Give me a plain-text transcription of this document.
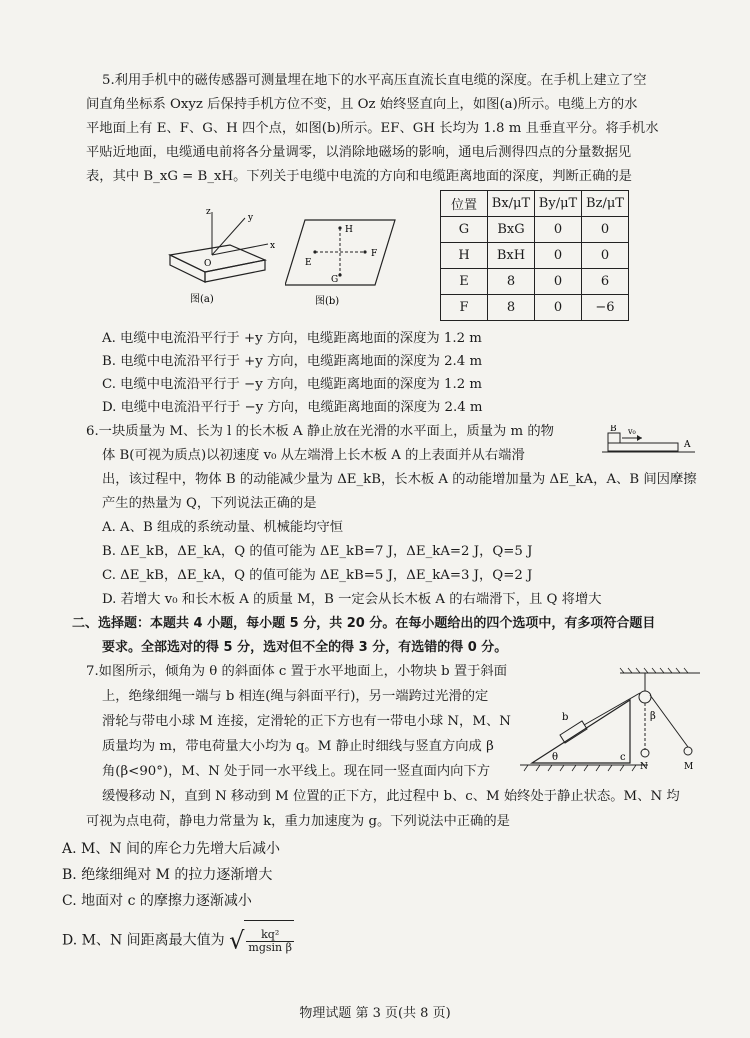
5.利用手机中的磁传感器可测量埋在地下的水平高压直流长直电缆的深度。在手机上建立了空
间直角坐标系 Oxyz 后保持手机方位不变，且 Oz 始终竖直向上，如图(a)所示。电缆上方的水
平地面上有 E、F、G、H 四个点，如图(b)所示。EF、GH 长均为 1.8 m 且垂直平分。将手机水
平贴近地面，电缆通电前将各分量调零，以消除地磁场的影响，通电后测得四点的分量数据见
表，其中 B_xG = B_xH。下列关于电缆中电流的方向和电缆距离地面的深度，判断正确的是
z
y
x
O
图(a)
H
E
F
G
图(b)
位置	Bx/μT	By/μT	Bz/μT
G	BxG	0	0
H	BxH	0	0
E	8	0	6
F	8	0	−6
A. 电缆中电流沿平行于 +y 方向，电缆距离地面的深度为 1.2 m
B. 电缆中电流沿平行于 +y 方向，电缆距离地面的深度为 2.4 m
C. 电缆中电流沿平行于 −y 方向，电缆距离地面的深度为 1.2 m
D. 电缆中电流沿平行于 −y 方向，电缆距离地面的深度为 2.4 m
6.一块质量为 M、长为 l 的长木板 A 静止放在光滑的水平面上，质量为 m 的物
体 B(可视为质点)以初速度 v₀ 从左端滑上长木板 A 的上表面并从右端滑
出，该过程中，物体 B 的动能减少量为 ΔE_kB，长木板 A 的动能增加量为 ΔE_kA，A、B 间因摩擦
产生的热量为 Q，下列说法正确的是
B v₀
A
A. A、B 组成的系统动量、机械能均守恒
B. ΔE_kB，ΔE_kA，Q 的值可能为 ΔE_kB=7 J，ΔE_kA=2 J，Q=5 J
C. ΔE_kB，ΔE_kA，Q 的值可能为 ΔE_kB=5 J，ΔE_kA=3 J，Q=2 J
D. 若增大 v₀ 和长木板 A 的质量 M，B 一定会从长木板 A 的右端滑下，且 Q 将增大
二、选择题：本题共 4 小题，每小题 5 分，共 20 分。在每小题给出的四个选项中，有多项符合题目
要求。全部选对的得 5 分，选对但不全的得 3 分，有选错的得 0 分。
7.如图所示，倾角为 θ 的斜面体 c 置于水平地面上，小物块 b 置于斜面
上，绝缘细绳一端与 b 相连(绳与斜面平行)，另一端跨过光滑的定
滑轮与带电小球 M 连接，定滑轮的正下方也有一带电小球 N，M、N
质量均为 m，带电荷量大小均为 q。M 静止时细线与竖直方向成 β
角(β<90°)，M、N 处于同一水平线上。现在同一竖直面内向下方
缓慢移动 N，直到 N 移动到 M 位置的正下方，此过程中 b、c、M 始终处于静止状态。M、N 均
可视为点电荷，静电力常量为 k，重力加速度为 g。下列说法中正确的是
b
c
θ
β
N	M
A. M、N 间的库仑力先增大后减小
B. 绝缘细绳对 M 的拉力逐渐增大
C. 地面对 c 的摩擦力逐渐减小
D. M、N 间距离最大值为 √ $\frac{\text{kq²}}{\text{mgsin β}}$
物理试题 第 3 页(共 8 页)
